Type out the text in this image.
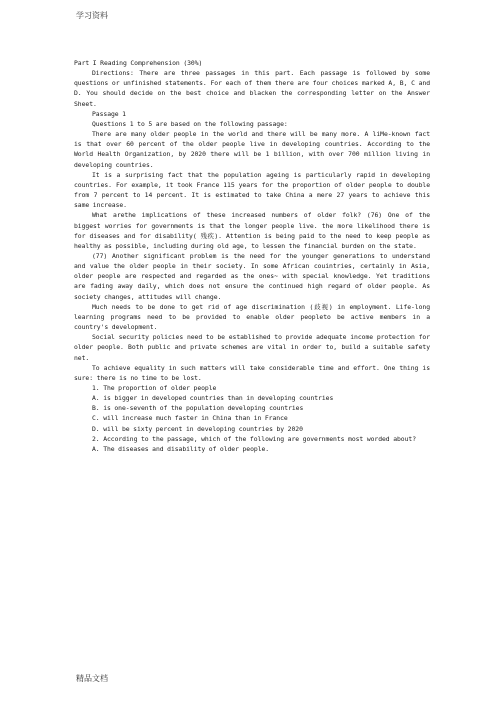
学习资料

Part I Reading Comprehension (30%)

Directions: There are three passages in this part. Each passage is followed by some questions or unfinished statements. For each of them there are four choices marked A, B, C and D. You should decide on the best choice and blacken the corresponding letter on the Answer Sheet.

Passage 1

Questions 1 to 5 are based on the following passage:

There are many older people in the world and there will be many more. A liMe-known fact is that over 60 percent of the older people live in developing countries. According to the World Health Organization, by 2020 there will be 1 billion, with over 700 million living in developing countries.

It is a surprising fact that the population ageing is particularly rapid in developing countries. For example, it took France 115 years for the proportion of older people to double from 7 percent to 14 percent. It is estimated to take China a mere 27 years to achieve this same increase.

What arethe implications of these increased numbers of older folk? (76) One of the biggest worries for governments is that the longer people live. the more likelihood there is for diseases and for disability( 残疾). Attention is being paid to the need to keep people as healthy as possible, including during old age, to lessen the financial burden on the state.

(77) Another significant problem is the need for the younger generations to understand and value the older people in their society. In some African couintries, certainly in Asia, older people are respected and regarded as the ones~ with special knowledge. Yet traditions are fading away daily, which does not ensure the continued high regard of older people. As society changes, attitudes will change.

Much needs to be done to get rid of age discrimination (歧视) in employment. Life-long learning programs need to be provided to enable older peopleto be active members in a country's development.

Social security policies need to be established to provide adequate income protection for older people. Both public and private schemes are vital in order to, build a suitable safety net.

To achieve equality in such matters will take considerable time and effort. One thing is sure: there is no time to be lost.

1. The proportion of older people

A. is bigger in developed countries than in developing countries

B. is one-seventh of the population developing countries

C. will increase much faster in China than in France

D. will be sixty percent in developing countries by 2020

2. According to the passage, which of the following are governments most worded about?

A. The diseases and disability of older people.

精品文档
